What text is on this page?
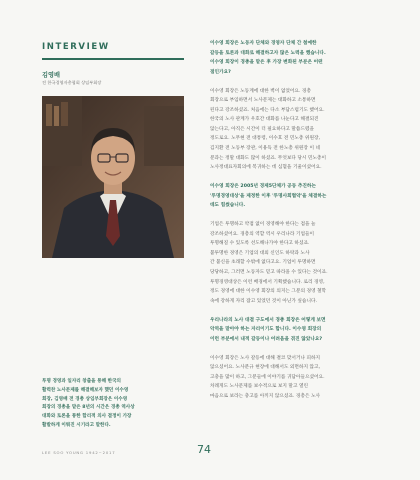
INTERVIEW
김영배
전 한국경영자총협회 상임부회장
투명 경영과 일자리 창출을 통해 한국의
활력찬 노사문제를 해결해보자 했던 이수영
회장, 김영배 전 경총 상임부회장은 이수영
회장의 경총을 맡은 8년의 시간은 경총 역사상
대화와 토론을 통한 합리적 의사 결정이 가장
활발하게 이뤄진 시기라고 말한다.
이수영 회장은 노동자 단체와 경영자 단체 간 첨예한
갈등을 토론과 대화로 해결하고자 많은 노력을 했습니다.
이수영 회장이 경총을 맡은 후 가장 변화된 부분은 어떤
점인가요?
이수영 회장은 노동계에 대한 벽이 없었어요. 경총
회장으로 부임하면서 노사문제는 대화하고 소통하면
된다고 강조하셨죠. 처음에는 다소 부담스럽기도 했어요.
한국의 노사 관계가 우호간 대화를 나눈다고 해결되진
않는다고, 아직은 시간이 더 필요하다고 말씀드렸을
정도로요. 노무현 전 대통령, 이수호 전 민노총 위원장,
김지환 전 노동부 장관, 이용득 전 한노총 위원장 이 네
분과는 정말 대화도 많이 하셨죠. 무엇보다 당시 민노총이
노사정대표자회의에 복귀하는 데 심혈을 기울이셨어요.
이수영 회장은 2005년 경제5단체가 공동 추진하는
'투명경영대상'을 제정한 이후 '투명사회협약'을 체결하는
데도 힘썼습니다.
기업은 투명하고 약점 없이 경영해야 한다는 점을 늘
강조하셨어요. 경총의 역할 역시 우리나라 기업들이
투명해질 수 있도록 선도해나가야 한다고 하셨죠.
불투명한 경영은 기업의 대외 신인도 하락과 노사
간 불신을 초래할 수밖에 없다고요. 기업이 투명하면
당당하고, 그러면 노동자도 믿고 따라올 수 있다는 것이죠.
투명경영대상은 이런 배경에서 기획했습니다. 로리 경영,
정도 경영에 대한 이수영 회장의 의지는 그분의 경영 철학
속에 강하게 자리 잡고 있었던 것이 아닌가 싶습니다.
우리나라의 노사 대결 구도에서 경총 회장은 어떻게 보면
악역을 맡아야 하는 자리이기도 합니다. 이수영 회장의
이런 부분에서 내적 갈등이나 어려움을 겪진 않았나요?
이수영 회장은 노사 갈등에 대해 결코 맞서거나 피하지
않으셨어요. 노사분규 현장에 대해서도 외면하지 않고,
고충을 많이 하고, 그분들에 이야기를 귀담아들으셨어요.
차례게도 노사문제를 보수적으로 보지 말고 열린
마음으로 보라는 충고를 아끼지 않으셨죠. 경총은 노사
LEE SOO YOUNG 1942~2017	74
